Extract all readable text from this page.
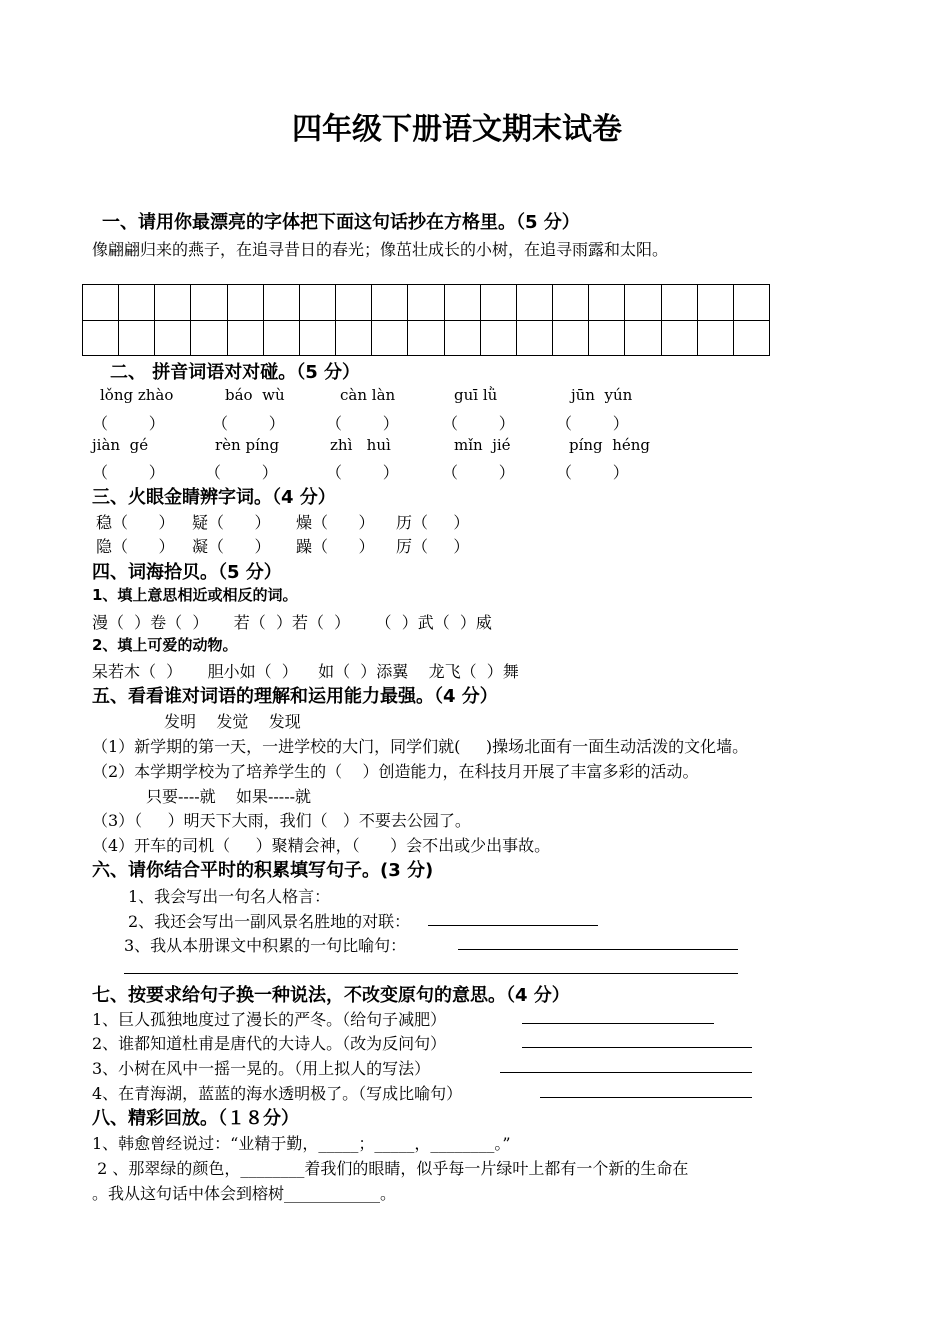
四年级下册语文期末试卷
一、请用你最漂亮的字体把下面这句话抄在方格里。（5 分）
像翩翩归来的燕子，在追寻昔日的春光；像茁壮成长的小树，在追寻雨露和太阳。
二、 拼音词语对对碰。（5 分）
lǒng zhào	báo  wù	càn làn	guī lǜ	jūn  yún
（        ）	（        ）	（        ）	（        ）	（        ）
jiàn  gé	rèn píng	zhì   huì	mǐn  jié	píng  héng
（        ）	（        ）	（        ）	（        ）	（        ）
三、火眼金睛辨字词。（4 分）
稳（      ） 疑（      ） 燥（      ） 历（     ）
隐（      ） 凝（      ） 躁（      ） 厉（     ）
四、词海拾贝。（5 分）
1、填上意思相近或相反的词。
漫（  ）卷（  ）     若（  ）若（  ）     （  ）武（  ）威
2、填上可爱的动物。
呆若木（  ）     胆小如（  ）    如（  ）添翼    龙飞（  ）舞
五、看看谁对词语的理解和运用能力最强。（4 分）
发明    发觉    发现
（1）新学期的第一天，一进学校的大门，同学们就(     )操场北面有一面生动活泼的文化墙。
（2）本学期学校为了培养学生的（    ）创造能力，在科技月开展了丰富多彩的活动。
只要----就    如果-----就
（3）（     ）明天下大雨，我们（   ）不要去公园了。
（4）开车的司机（     ）聚精会神，（      ）会不出或少出事故。
六、请你结合平时的积累填写句子。(3 分)
1、我会写出一句名人格言：
2、我还会写出一副风景名胜地的对联：
3、我从本册课文中积累的一句比喻句：
七、按要求给句子换一种说法，不改变原句的意思。（4 分）
1、巨人孤独地度过了漫长的严冬。（给句子减肥）
2、谁都知道杜甫是唐代的大诗人。（改为反问句）
3、小树在风中一摇一晃的。（用上拟人的写法）
4、在青海湖，蓝蓝的海水透明极了。（写成比喻句）
八、精彩回放。（１８分）
1、韩愈曾经说过：“业精于勤，_____；_____，________。”
2 、那翠绿的颜色，________着我们的眼睛，似乎每一片绿叶上都有一个新的生命在
。我从这句话中体会到榕树____________。
